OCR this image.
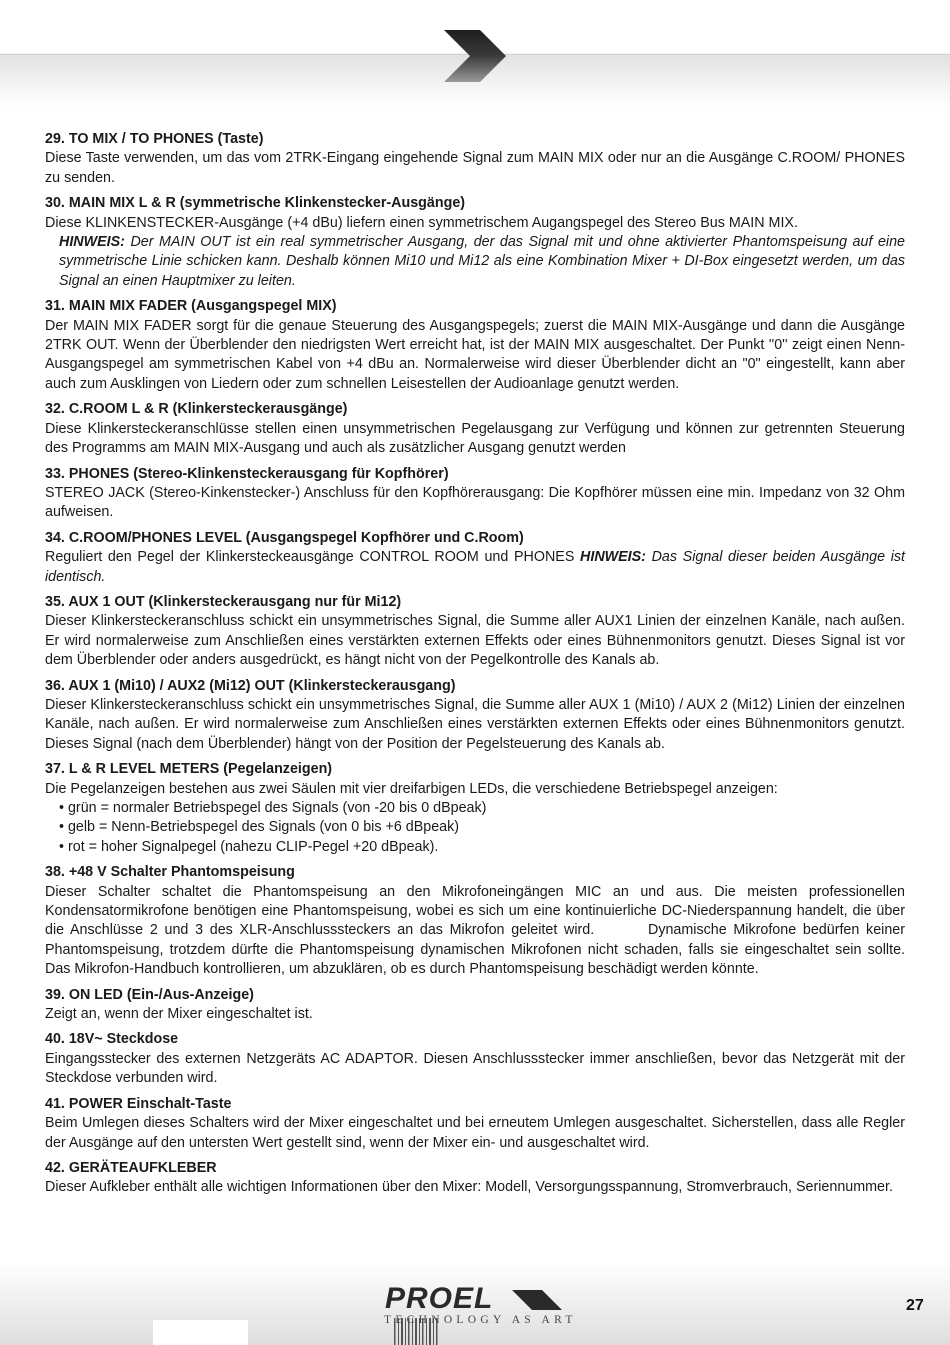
29. TO MIX / TO PHONES (Taste)

Diese Taste verwenden, um das vom 2TRK-Eingang eingehende Signal zum MAIN MIX oder nur an die Ausgänge C.ROOM/ PHONES zu senden.

30. MAIN MIX L & R (symmetrische Klinkenstecker-Ausgänge)

Diese KLINKENSTECKER-Ausgänge (+4 dBu) liefern einen symmetrischem Augangspegel des Stereo Bus MAIN MIX.

HINWEIS: Der MAIN OUT ist ein real symmetrischer Ausgang, der das Signal mit und ohne aktivierter Phantomspeisung auf eine symmetrische Linie schicken kann. Deshalb können Mi10 und Mi12 als eine Kombination Mixer + DI-Box eingesetzt werden, um das Signal an einen Hauptmixer zu leiten.

31. MAIN MIX FADER (Ausgangspegel MIX)

Der MAIN MIX FADER sorgt für die genaue Steuerung des Ausgangspegels; zuerst die MAIN MIX-Ausgänge und dann die Ausgänge 2TRK OUT. Wenn der Überblender den niedrigsten Wert erreicht hat, ist der MAIN MIX ausgeschaltet. Der Punkt ''0'' zeigt einen Nenn-Ausgangspegel am symmetrischen Kabel von +4 dBu an. Normalerweise wird dieser Überblender dicht an "0" eingestellt, kann aber auch zum Ausklingen von Liedern oder zum schnellen Leisestellen der Audioanlage genutzt werden.

32. C.ROOM L & R (Klinkersteckerausgänge)

Diese Klinkersteckeranschlüsse stellen einen unsymmetrischen Pegelausgang zur Verfügung und können zur getrennten Steuerung des Programms am MAIN MIX-Ausgang und auch als zusätzlicher Ausgang genutzt werden

33. PHONES (Stereo-Klinkensteckerausgang für Kopfhörer)

STEREO JACK (Stereo-Kinkenstecker-) Anschluss für den Kopfhörerausgang: Die Kopfhörer müssen eine min. Impedanz von 32 Ohm aufweisen.

34. C.ROOM/PHONES LEVEL (Ausgangspegel Kopfhörer und C.Room)

Reguliert den Pegel der Klinkersteckeausgänge CONTROL ROOM und PHONES HINWEIS: Das Signal dieser beiden Ausgänge ist identisch.

35. AUX 1 OUT (Klinkersteckerausgang nur für Mi12)

Dieser Klinkersteckeranschluss schickt ein unsymmetrisches Signal, die Summe aller AUX1 Linien der einzelnen Kanäle, nach außen. Er wird normalerweise zum Anschließen eines verstärkten externen Effekts oder eines Bühnenmonitors genutzt. Dieses Signal ist vor dem Überblender oder anders ausgedrückt, es hängt nicht von der Pegelkontrolle des Kanals ab.

36. AUX 1 (Mi10) / AUX2 (Mi12) OUT (Klinkersteckerausgang)

Dieser Klinkersteckeranschluss schickt ein unsymmetrisches Signal, die Summe aller AUX 1 (Mi10) / AUX 2 (Mi12) Linien der einzelnen Kanäle, nach außen. Er wird normalerweise zum Anschließen eines verstärkten externen Effekts oder eines Bühnenmonitors genutzt. Dieses Signal (nach dem Überblender) hängt von der Position der Pegelsteuerung des Kanals ab.

37. L & R LEVEL METERS (Pegelanzeigen)

Die Pegelanzeigen bestehen aus zwei Säulen mit vier dreifarbigen LEDs, die verschiedene Betriebspegel anzeigen:

• grün = normaler Betriebspegel des Signals (von -20 bis 0 dBpeak)

• gelb = Nenn-Betriebspegel des Signals (von 0 bis +6 dBpeak)

• rot = hoher Signalpegel (nahezu CLIP-Pegel +20 dBpeak).

38. +48 V Schalter Phantomspeisung

Dieser Schalter schaltet die Phantomspeisung an den Mikrofoneingängen MIC an und aus. Die meisten professionellen Kondensatormikrofone benötigen eine Phantomspeisung, wobei es sich um eine kontinuierliche DC-Niederspannung handelt, die über die Anschlüsse 2 und 3 des XLR-Anschlusssteckers an das Mikrofon geleitet wird.        Dynamische Mikrofone bedürfen keiner Phantomspeisung, trotzdem dürfte die Phantomspeisung dynamischen Mikrofonen nicht schaden, falls sie eingeschaltet sein sollte.      Das Mikrofon-Handbuch kontrollieren, um abzuklären, ob es durch Phantomspeisung beschädigt werden könnte.

39. ON LED (Ein-/Aus-Anzeige)

Zeigt an, wenn der Mixer eingeschaltet ist.

40. 18V~ Steckdose

Eingangsstecker des externen Netzgeräts AC ADAPTOR. Diesen Anschlussstecker immer anschließen, bevor das Netzgerät mit der Steckdose verbunden wird.

41. POWER Einschalt-Taste

Beim Umlegen dieses Schalters wird der Mixer eingeschaltet und bei erneutem Umlegen ausgeschaltet. Sicherstellen, dass alle Regler der Ausgänge auf den untersten Wert gestellt sind, wenn der Mixer ein- und ausgeschaltet wird.

42. GERÄTEAUFKLEBER

Dieser Aufkleber enthält alle wichtigen Informationen über den Mixer: Modell, Versorgungsspannung, Stromverbrauch, Seriennummer.

PROEL
TECHNOLOGY AS ART
27
